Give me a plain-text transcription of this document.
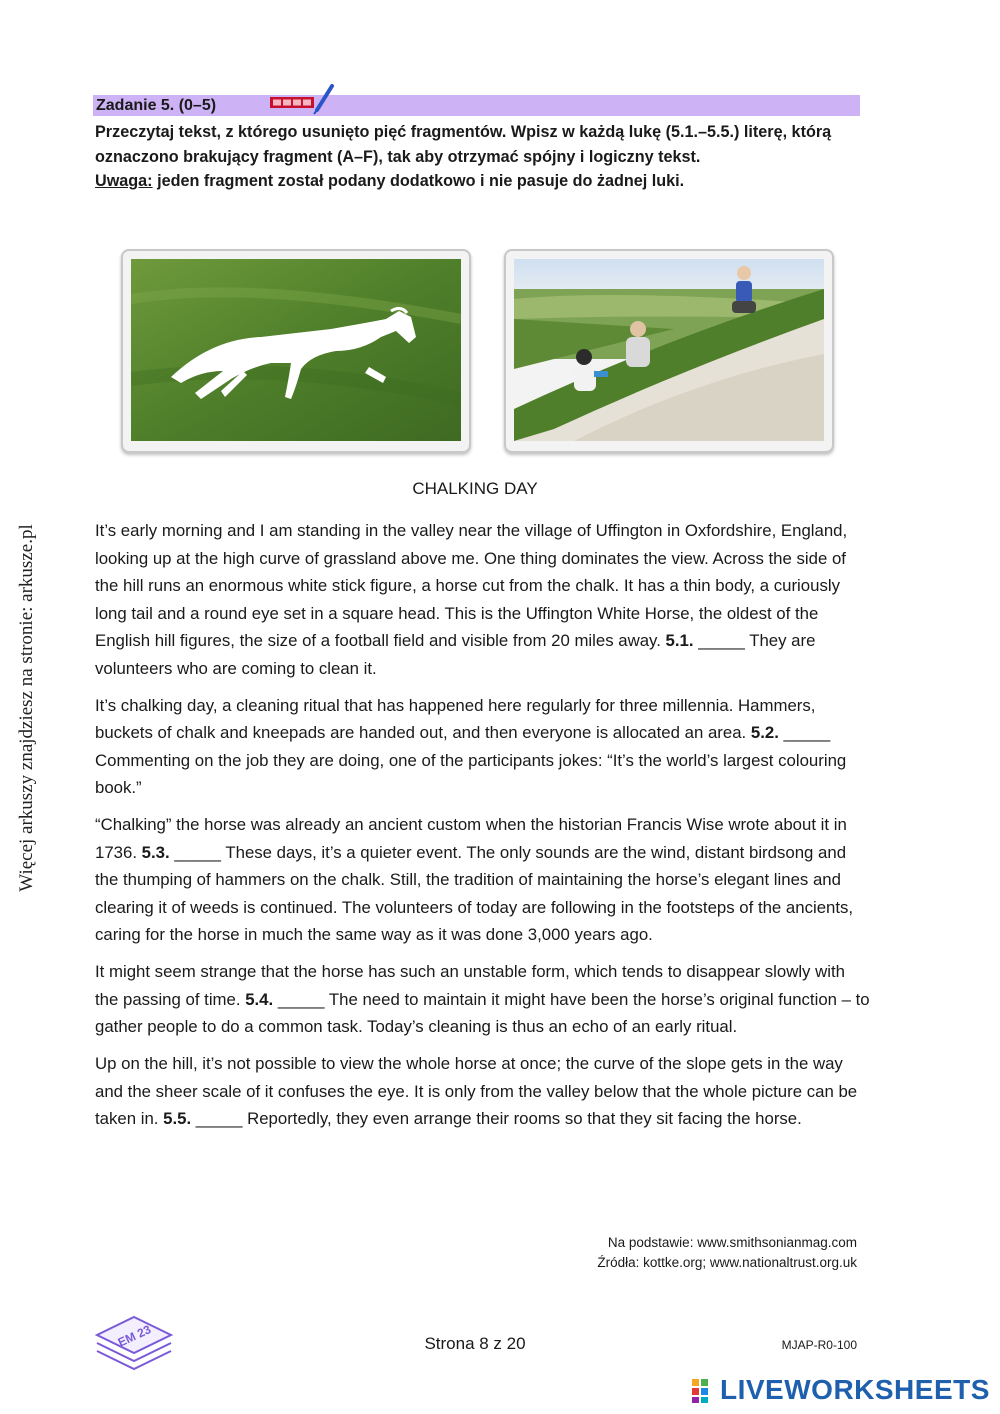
Więcej arkuszy znajdziesz na stronie: arkusze.pl
Zadanie 5. (0–5)

Przeczytaj tekst, z którego usunięto pięć fragmentów. Wpisz w każdą lukę (5.1.–5.5.) literę, którą oznaczono brakujący fragment (A–F), tak aby otrzymać spójny i logiczny tekst.

Uwaga: jeden fragment został podany dodatkowo i nie pasuje do żadnej luki.

CHALKING DAY

It’s early morning and I am standing in the valley near the village of Uffington in Oxfordshire, England, looking up at the high curve of grassland above me. One thing dominates the view. Across the side of the hill runs an enormous white stick figure, a horse cut from the chalk. It has a thin body, a curiously long tail and a round eye set in a square head. This is the Uffington White Horse, the oldest of the English hill figures, the size of a football field and visible from 20 miles away. 5.1. _____ They are volunteers who are coming to clean it.

It’s chalking day, a cleaning ritual that has happened here regularly for three millennia. Hammers, buckets of chalk and kneepads are handed out, and then everyone is allocated an area. 5.2. _____ Commenting on the job they are doing, one of the participants jokes: “It’s the world’s largest colouring book.”

“Chalking” the horse was already an ancient custom when the historian Francis Wise wrote about it in 1736. 5.3. _____ These days, it’s a quieter event. The only sounds are the wind, distant birdsong and the thumping of hammers on the chalk. Still, the tradition of maintaining the horse’s elegant lines and clearing it of weeds is continued. The volunteers of today are following in the footsteps of the ancients, caring for the horse in much the same way as it was done 3,000 years ago.

It might seem strange that the horse has such an unstable form, which tends to disappear slowly with the passing of time. 5.4. _____ The need to maintain it might have been the horse’s original function – to gather people to do a common task. Today’s cleaning is thus an echo of an early ritual.

Up on the hill, it’s not possible to view the whole horse at once; the curve of the slope gets in the way and the sheer scale of it confuses the eye. It is only from the valley below that the whole picture can be taken in. 5.5. _____ Reportedly, they even arrange their rooms so that they sit facing the horse.

Na podstawie: www.smithsonianmag.com
Źródła: kottke.org; www.nationaltrust.org.uk
EM 23	Strona 8 z 20	MJAP-R0-100
LIVEWORKSHEETS
